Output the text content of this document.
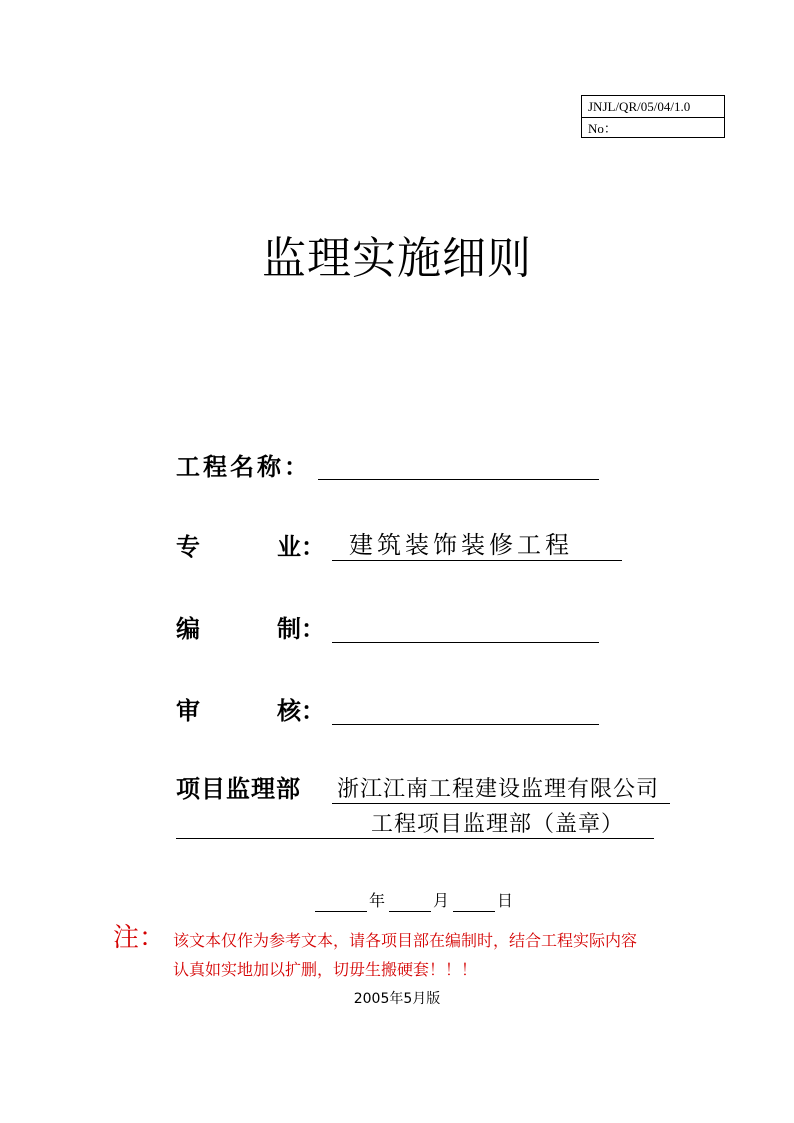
JNJL/QR/05/04/1.0
No：
监理实施细则
工程名称：
专	业： 建筑装饰装修工程
编	制：
审	核：
项目监理部 浙江江南工程建设监理有限公司
工程项目监理部（盖章）
年	月	日
注： 该文本仅作为参考文本，请各项目部在编制时，结合工程实际内容
认真如实地加以扩删，切毋生搬硬套！！！
2005年5月版
